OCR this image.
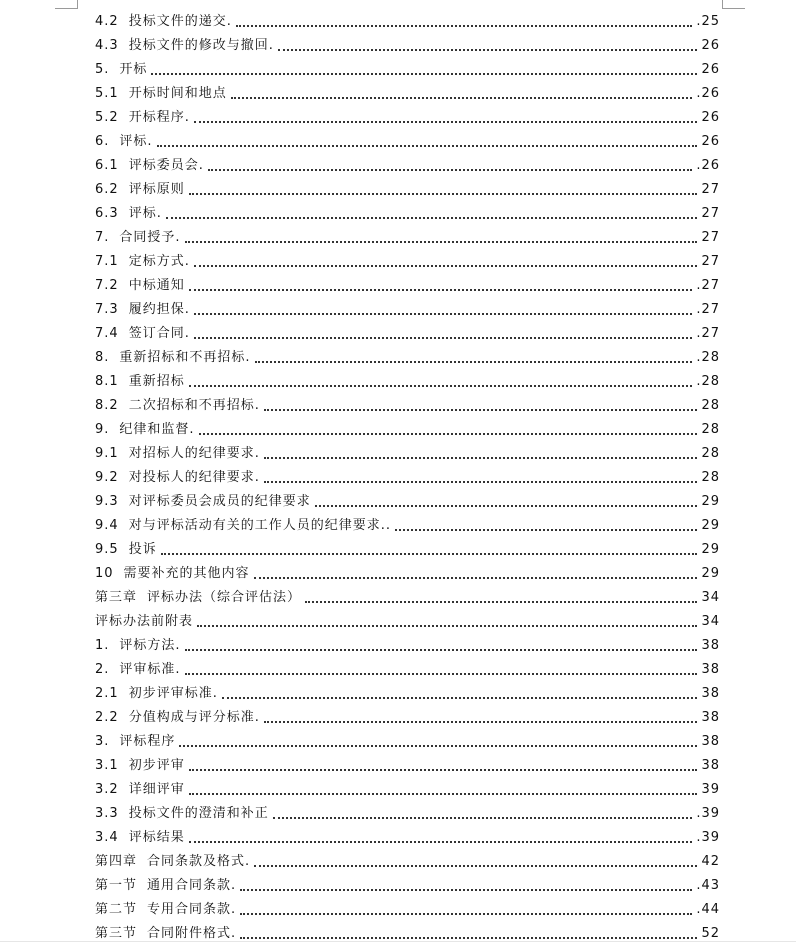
4.2 投标文件的递交.	.25
4.3 投标文件的修改与撤回.	26
5. 开标	26
5.1 开标时间和地点	.26
5.2 开标程序.	26
6. 评标.	26
6.1 评标委员会.	.26
6.2 评标原则	27
6.3 评标.	27
7. 合同授予.	27
7.1 定标方式.	27
7.2 中标通知	.27
7.3 履约担保.	.27
7.4 签订合同.	.27
8. 重新招标和不再招标.	.28
8.1 重新招标	.28
8.2 二次招标和不再招标.	28
9. 纪律和监督.	28
9.1 对招标人的纪律要求.	28
9.2 对投标人的纪律要求.	28
9.3 对评标委员会成员的纪律要求	29
9.4 对与评标活动有关的工作人员的纪律要求..	29
9.5 投诉	29
10 需要补充的其他内容	29
第三章 评标办法（综合评估法）	34
评标办法前附表	34
1. 评标方法.	38
2. 评审标准.	38
2.1 初步评审标准.	38
2.2 分值构成与评分标准.	38
3. 评标程序	38
3.1 初步评审	38
3.2 详细评审	39
3.3 投标文件的澄清和补正	.39
3.4 评标结果	.39
第四章 合同条款及格式.	42
第一节 通用合同条款.	.43
第二节 专用合同条款.	.44
第三节 合同附件格式.	52
